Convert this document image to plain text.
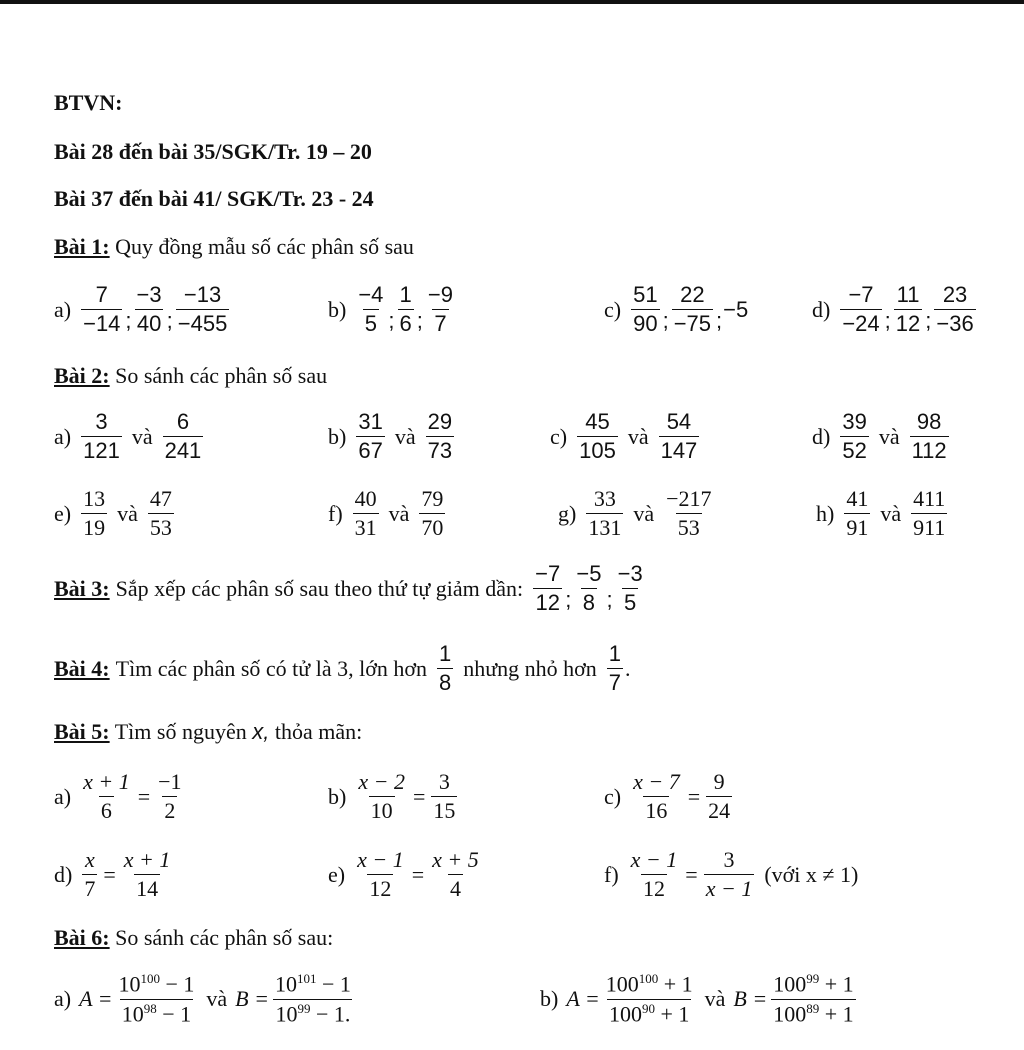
BTVN:
Bài 28 đến bài 35/SGK/Tr. 19 – 20
Bài 37 đến bài 41/ SGK/Tr. 23 - 24
Bài 1: Quy đồng mẫu số các phân số sau
$a) \frac{7}{-14}$ ; $\frac{-3}{40}$ ; $\frac{-13}{-455}$	$b) \frac{-4}{5}$ ; $\frac{1}{6}$ ; $\frac{-9}{7}$	$c) \frac{51}{90}$ ; $\frac{22}{-75}$ ; −5	$d) \frac{-7}{-24}$ ; $\frac{11}{12}$ ; $\frac{23}{-36}$
Bài 2: So sánh các phân số sau
$a) \frac{3}{121}$ và $\frac{6}{241}$	$b) \frac{31}{67}$ và $\frac{29}{73}$	$c) \frac{45}{105}$ và $\frac{54}{147}$	$d) \frac{39}{52}$ và $\frac{98}{112}$
$e) \frac{13}{19}$ và $\frac{47}{53}$	$f) \frac{40}{31}$ và $\frac{79}{70}$	$g) \frac{33}{131}$ và $\frac{-217}{53}$	$h) \frac{41}{91}$ và $\frac{411}{911}$
Bài 3: Sắp xếp các phân số sau theo thứ tự giảm dần: $\frac{-7}{12}$ ; $\frac{-5}{8}$ ; $\frac{-3}{5}$
Bài 4: Tìm các phân số có tử là 3, lớn hơn $\frac{1}{8}$ nhưng nhỏ hơn $\frac{1}{7}$ .
Bài 5: Tìm số nguyên x, thỏa mãn:
$a) \frac{x + 1}{6} = \frac{-1}{2}$	$b) \frac{x - 2}{10} = \frac{3}{15}$	$c) \frac{x - 7}{16} = \frac{9}{24}$
$d) \frac{x}{7} = \frac{x + 1}{14}$	$e) \frac{x - 1}{12} = \frac{x + 5}{4}$	$f) \frac{x - 1}{12} = \frac{3}{x - 1}$ (với x ≠ 1)
Bài 6: So sánh các phân số sau:
a) $A = \frac{10^{100} - 1}{10^{98} - 1}$ và $B = \frac{10^{101} - 1}{10^{99} - 1.}$	b) $A = \frac{100^{100} + 1}{100^{90} + 1}$ và $B = \frac{100^{99} + 1}{100^{89} + 1}$
